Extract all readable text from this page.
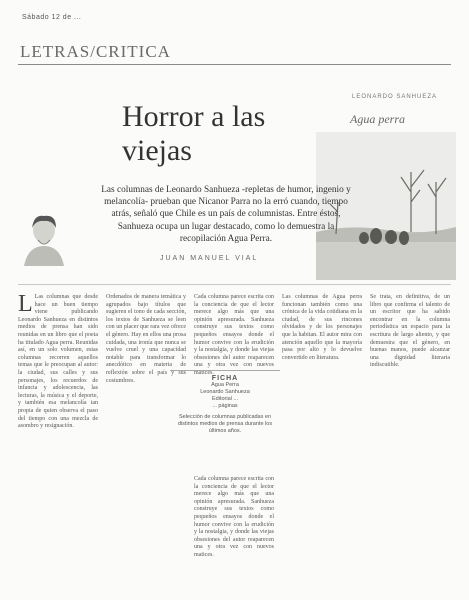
Sábado 12 de ...
LETRAS/CRITICA
Horror a las viejas
LEONARDO SANHUEZA
Agua perra
Las columnas de Leonardo Sanhueza -repletas de humor, ingenio y melancolía- prueban que Nicanor Parra no la erró cuando, tiempo atrás, señaló que Chile es un país de columnistas. Entre éstos, Sanhueza ocupa un lugar destacado, como lo demuestra la recopilación Agua Perra.
JUAN MANUEL VIAL
L Las columnas que desde hace un buen tiempo viene publicando Leonardo Sanhueza en distintos medios de prensa han sido reunidas en un libro que el poeta ha titulado Agua perra. Reunidas así, en un solo volumen, estas columnas recorren aquellos temas que le preocupan al autor: la ciudad, sus calles y sus personajes, los recuerdos de infancia y adolescencia, las lecturas, la música y el deporte, y también esa melancolía tan propia de quien observa el paso del tiempo con una mezcla de asombro y resignación.
Ordenados de manera temática y agrupados bajo títulos que sugieren el tono de cada sección, los textos de Sanhueza se leen con un placer que rara vez ofrece el género. Hay en ellos una prosa cuidada, una ironía que nunca se vuelve cruel y una capacidad notable para transformar lo anecdótico en materia de reflexión sobre el país y sus costumbres.
Cada columna parece escrita con la conciencia de que el lector merece algo más que una opinión apresurada. Sanhueza construye sus textos como pequeños ensayos donde el humor convive con la erudición y la nostalgia, y donde las viejas obsesiones del autor reaparecen una y otra vez con nuevos matices.
Las columnas de Agua perra funcionan también como una crónica de la vida cotidiana en la ciudad, de sus rincones olvidados y de los personajes que la habitan. El autor mira con atención aquello que la mayoría pasa por alto y lo devuelve convertido en literatura.
Se trata, en definitiva, de un libro que confirma el talento de un escritor que ha sabido encontrar en la columna periodística un espacio para la escritura de largo aliento, y que demuestra que el género, en buenas manos, puede alcanzar una dignidad literaria indiscutible.
Cada columna parece escrita con la conciencia de que el lector merece algo más que una opinión apresurada. Sanhueza construye sus textos como pequeños ensayos donde el humor convive con la erudición y la nostalgia, y donde las viejas obsesiones del autor reaparecen una y otra vez con nuevos matices.
FICHA
Agua Perra
Leonardo Sanhueza
Editorial ...
... páginas
Selección de columnas publicadas en distintos medios de prensa durante los últimos años.
